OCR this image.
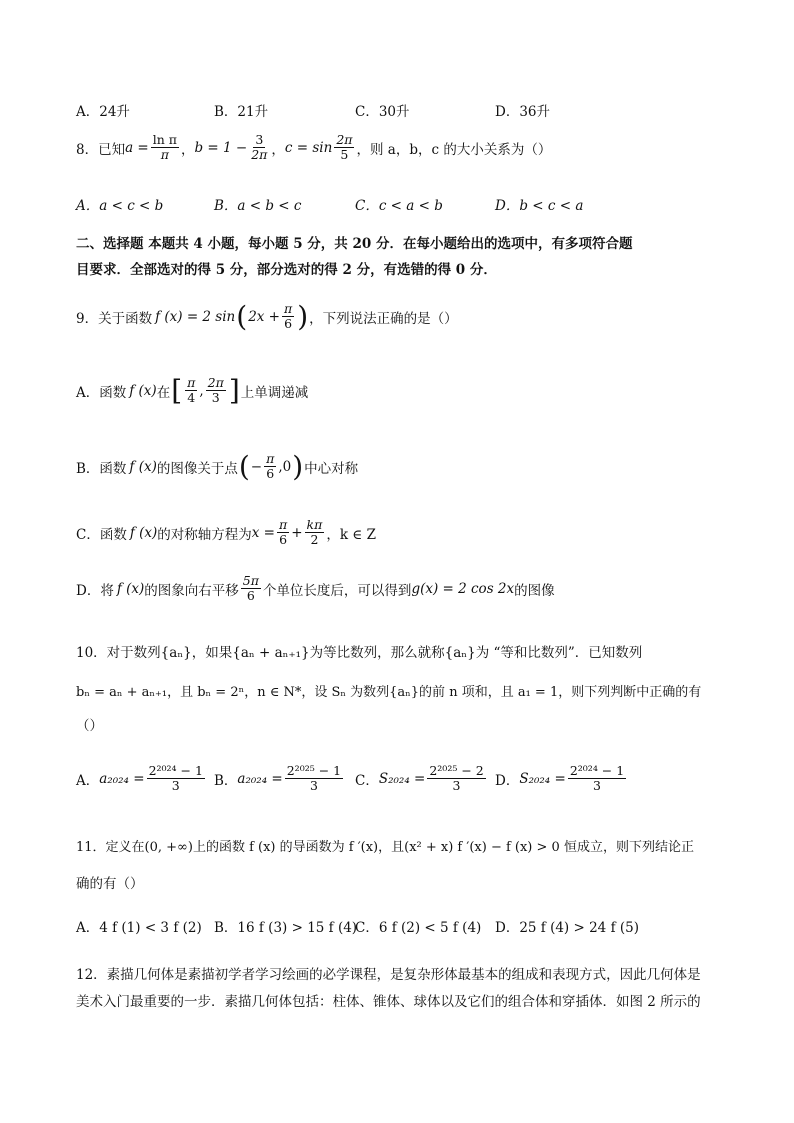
A．24升	B．21升	C．30升	D．36升
8．已知 $a = \frac{\text{ln π}}{\pi}$ ， $b = 1 - \frac{3}{2\pi}$ ， $c = \sin \frac{2\pi}{5}$ ，则 a，b，c 的大小关系为（）
A．a < c < b	B．a < b < c	C．c < a < b	D．b < c < a
二、选择题 本题共 4 小题，每小题 5 分，共 20 分．在每小题给出的选项中，有多项符合题
目要求．全部选对的得 5 分，部分选对的得 2 分，有选错的得 0 分．
9．关于函数 f (x) = 2 sin ( $2x + \frac{\pi}{6}$ ) ，下列说法正确的是（）
A．函数 f (x) 在 [ $\frac{\pi}{4}$ , $\frac{2\pi}{3}$ ] 上单调递减
B．函数 f (x) 的图像关于点 ( − $\frac{\pi}{6} ,0$ ) 中心对称
C．函数 f (x) 的对称轴方程为 $x = \frac{\pi}{6} + \frac{k\pi}{2}$ ，k ∈ Z
D．将 f (x) 的图象向右平移 $\frac{5\pi}{6}$ 个单位长度后，可以得到 g(x) = 2 cos 2x 的图像
10．对于数列{aₙ}，如果{aₙ + aₙ₊₁}为等比数列，那么就称{aₙ}为 “等和比数列”．已知数列
bₙ = aₙ + aₙ₊₁，且 bₙ = 2ⁿ，n ∈ N*，设 Sₙ 为数列{aₙ}的前 n 项和，且 a₁ = 1，则下列判断中正确的有
（）
A． $a_{2024} = \frac{\text{2²⁰²⁴ − 1}}{3}$ B． $a_{2024} = \frac{\text{2²⁰²⁵ − 1}}{3}$ C． $S_{2024} = \frac{\text{2²⁰²⁵ − 2}}{3}$ D． $S_{2024} = \frac{\text{2²⁰²⁴ − 1}}{3}$
11．定义在(0, +∞)上的函数 f (x) 的导函数为 f ′(x)，且(x² + x) f ′(x) − f (x) > 0 恒成立，则下列结论正
确的有（）
A．4 f (1) < 3 f (2) B．16 f (3) > 15 f (4)
C．6 f (2) < 5 f (4) D．25 f (4) > 24 f (5)
12．素描几何体是素描初学者学习绘画的必学课程，是复杂形体最基本的组成和表现方式，因此几何体是
美术入门最重要的一步．素描几何体包括：柱体、锥体、球体以及它们的组合体和穿插体．如图 2 所示的
